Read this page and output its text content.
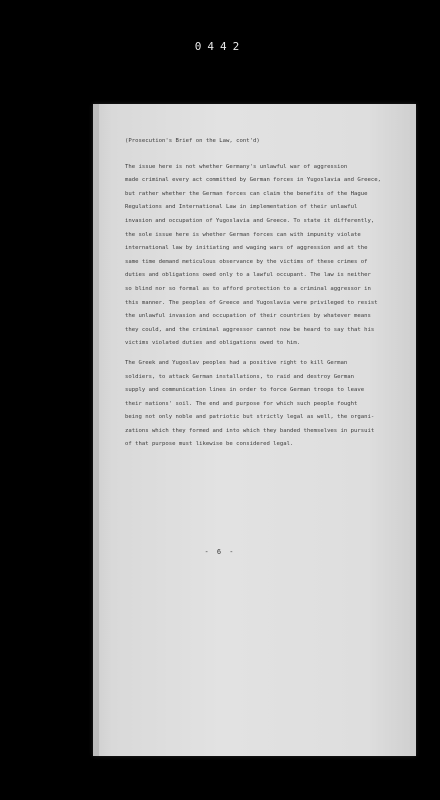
0442
(Prosecution's Brief on the Law, cont'd)
The issue here is not whether Germany's unlawful war of aggression
made criminal every act committed by German forces in Yugoslavia and Greece,
but rather whether the German forces can claim the benefits of the Hague
Regulations and International Law in implementation of their unlawful
invasion and occupation of Yugoslavia and Greece. To state it differently,
the sole issue here is whether German forces can with impunity violate
international law by initiating and waging wars of aggression and at the
same time demand meticulous observance by the victims of these crimes of
duties and obligations owed only to a lawful occupant. The law is neither
so blind nor so formal as to afford protection to a criminal aggressor in
this manner. The peoples of Greece and Yugoslavia were privileged to resist
the unlawful invasion and occupation of their countries by whatever means
they could, and the criminal aggressor cannot now be heard to say that his
victims violated duties and obligations owed to him.
The Greek and Yugoslav peoples had a positive right to kill German
soldiers, to attack German installations, to raid and destroy German
supply and communication lines in order to force German troops to leave
their nations' soil. The end and purpose for which such people fought
being not only noble and patriotic but strictly legal as well, the organi-
zations which they formed and into which they banded themselves in pursuit
of that purpose must likewise be considered legal.
- 6 -
